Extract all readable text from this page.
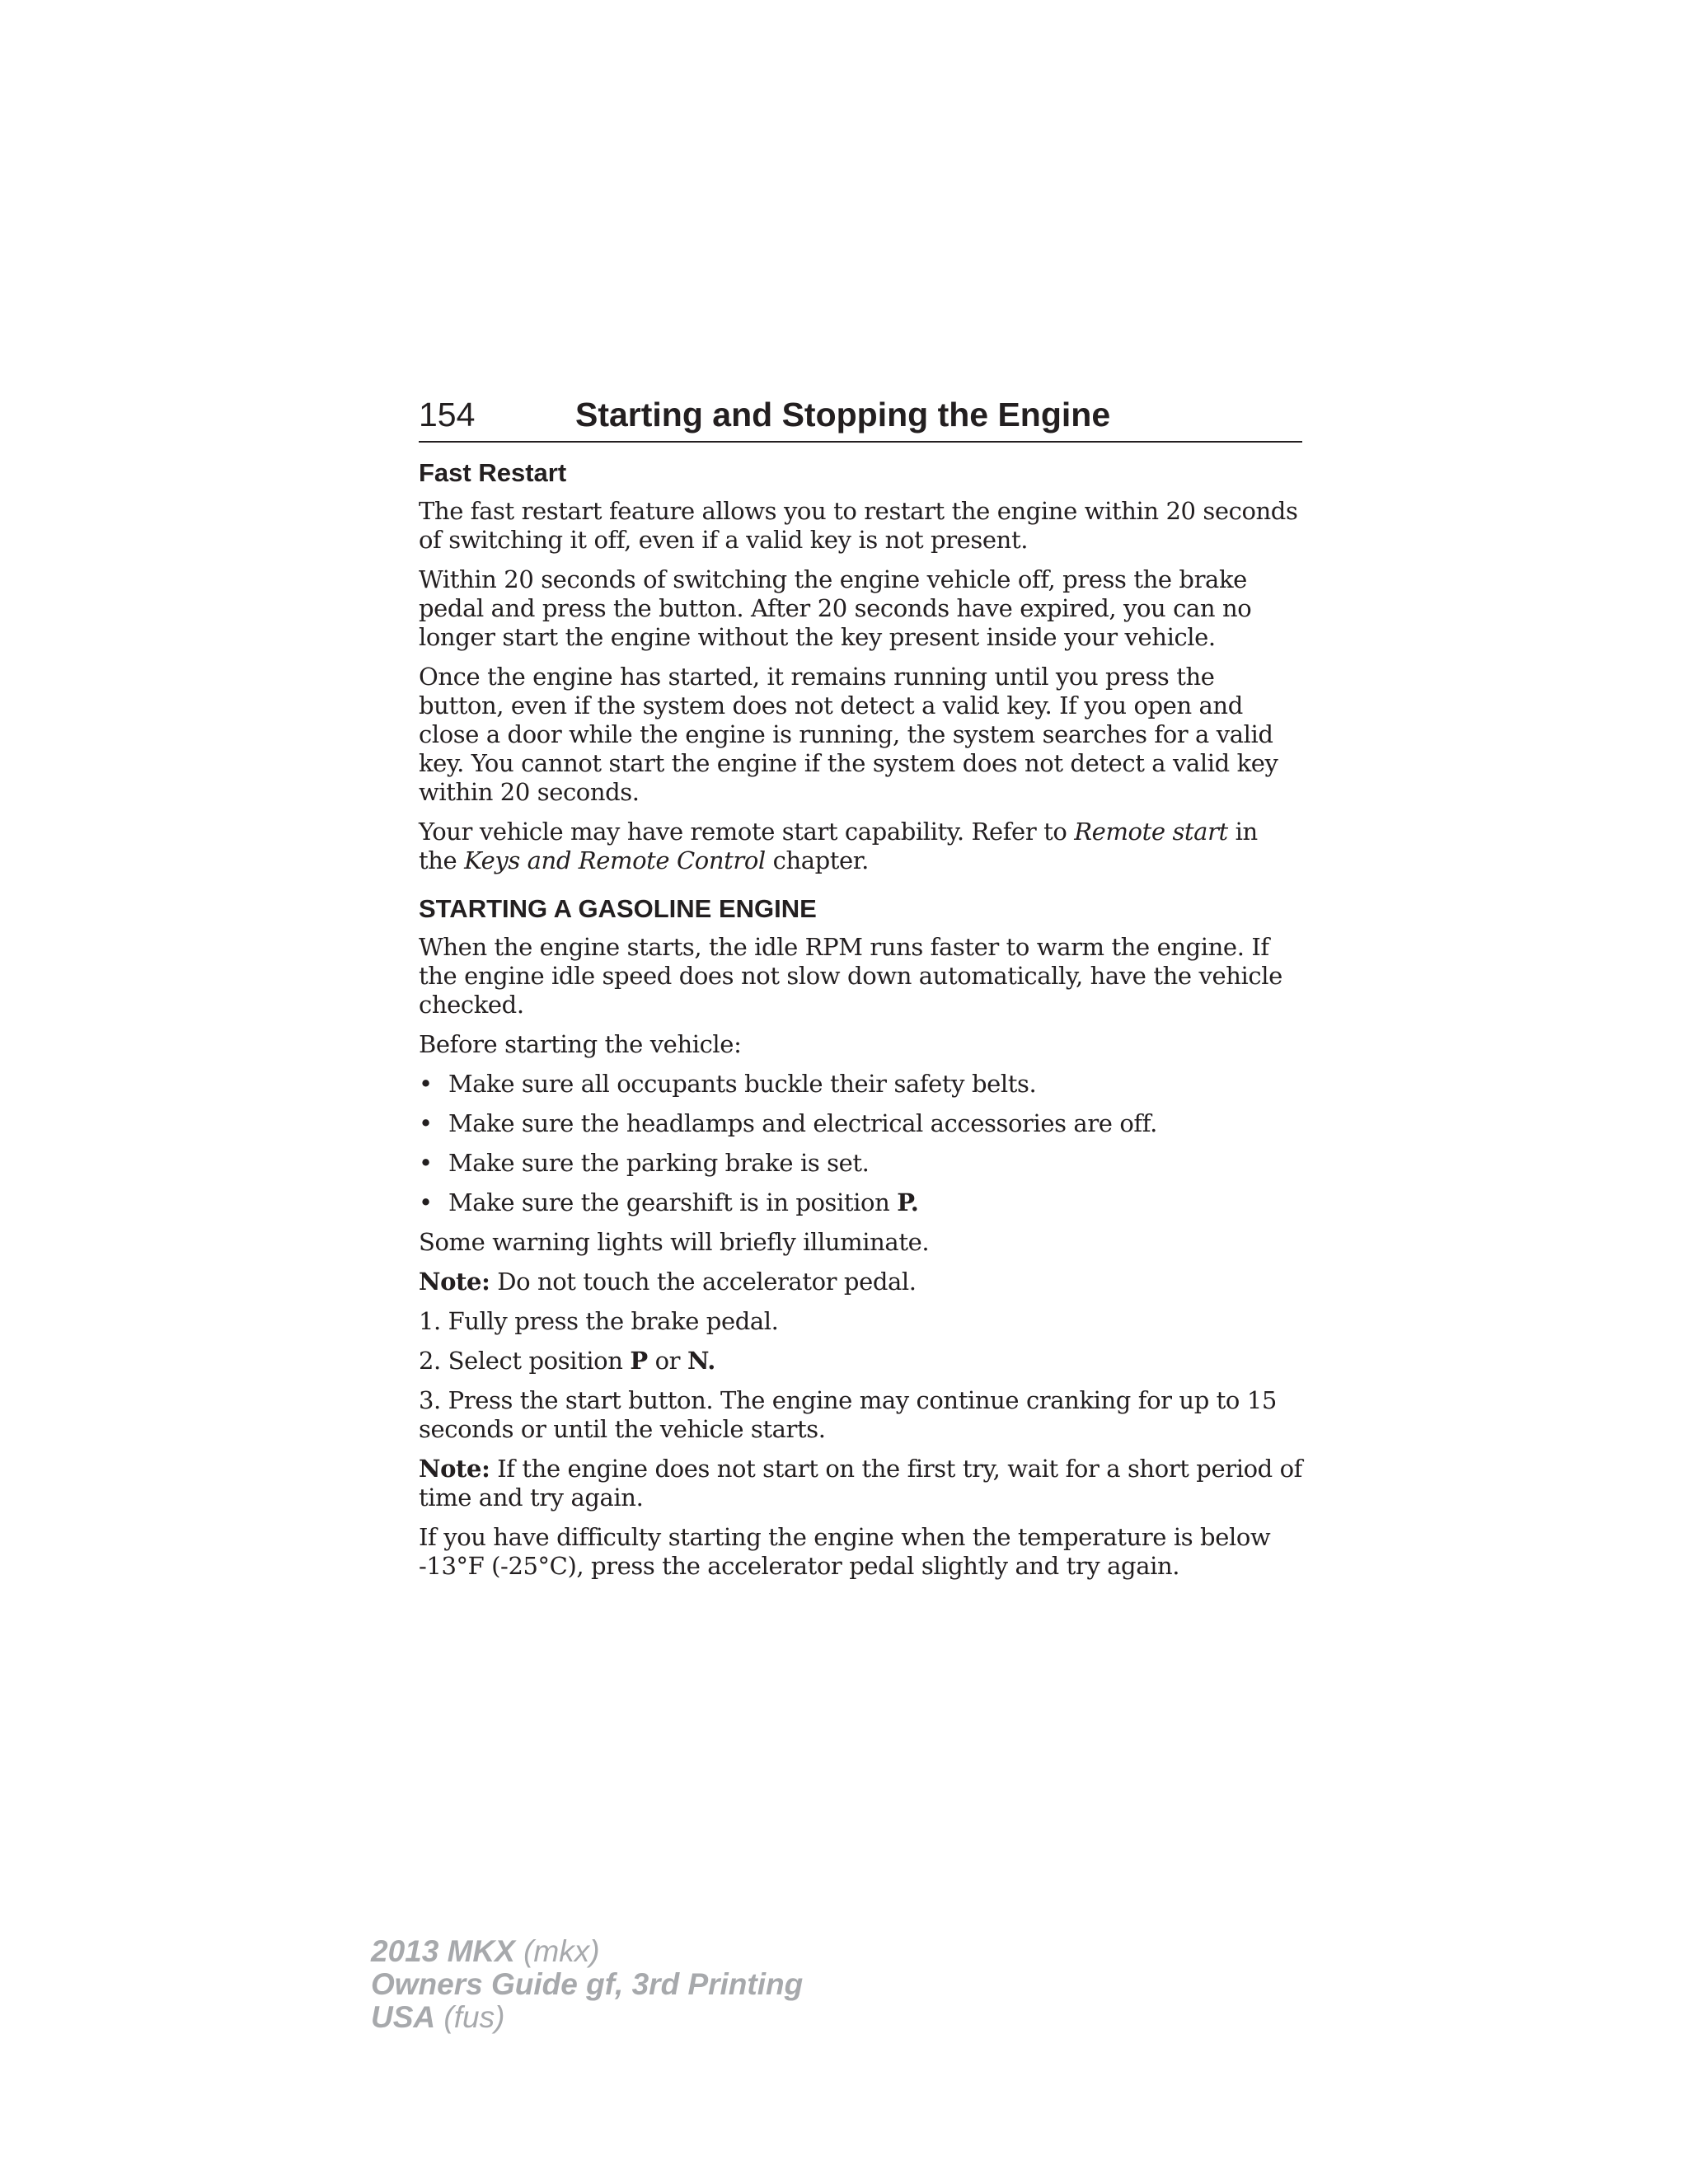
154	Starting and Stopping the Engine
Fast Restart

The fast restart feature allows you to restart the engine within 20 seconds of switching it off, even if a valid key is not present.

Within 20 seconds of switching the engine vehicle off, press the brake pedal and press the button. After 20 seconds have expired, you can no longer start the engine without the key present inside your vehicle.

Once the engine has started, it remains running until you press the button, even if the system does not detect a valid key. If you open and close a door while the engine is running, the system searches for a valid key. You cannot start the engine if the system does not detect a valid key within 20 seconds.

Your vehicle may have remote start capability. Refer to Remote start in the Keys and Remote Control chapter.

STARTING A GASOLINE ENGINE

When the engine starts, the idle RPM runs faster to warm the engine. If the engine idle speed does not slow down automatically, have the vehicle checked.

Before starting the vehicle:

• Make sure all occupants buckle their safety belts.
• Make sure the headlamps and electrical accessories are off.
• Make sure the parking brake is set.
• Make sure the gearshift is in position P.

Some warning lights will briefly illuminate.

Note: Do not touch the accelerator pedal.

1. Fully press the brake pedal.

2. Select position P or N.

3. Press the start button. The engine may continue cranking for up to 15 seconds or until the vehicle starts.

Note: If the engine does not start on the first try, wait for a short period of time and try again.

If you have difficulty starting the engine when the temperature is below -13°F (-25°C), press the accelerator pedal slightly and try again.

2013 MKX (mkx)
Owners Guide gf, 3rd Printing
USA (fus)
